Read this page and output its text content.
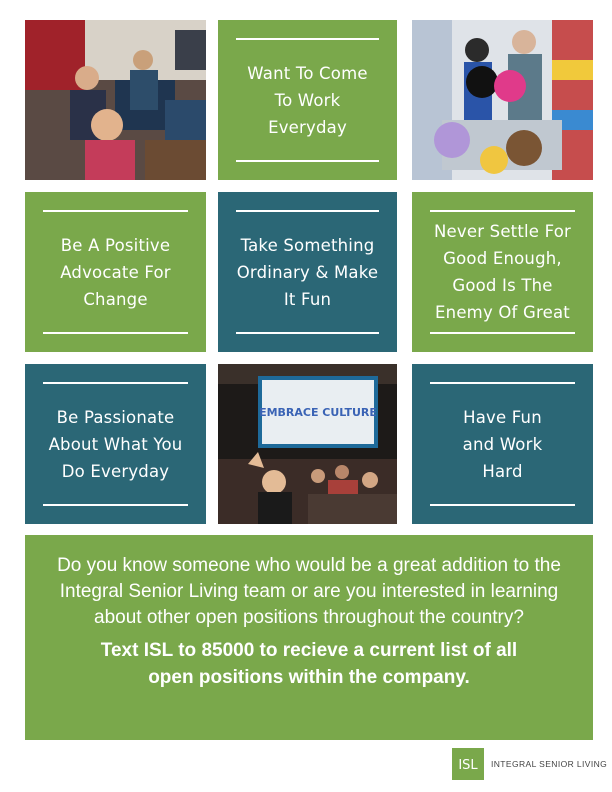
Want To Come To Work Everyday
Be A Positive Advocate For Change
Take Something Ordinary & Make It Fun
Never Settle For Good Enough, Good Is The Enemy Of Great
Be Passionate About What You Do Everyday
EMBRACE CULTURE	Have Fun and Work Hard

Do you know someone who would be a great addition to the Integral Senior Living team or are you interested in learning about other open positions throughout the country?

Text ISL to 85000 to recieve a current list of all open positions within the company.

ISL INTEGRAL SENIOR LIVING
